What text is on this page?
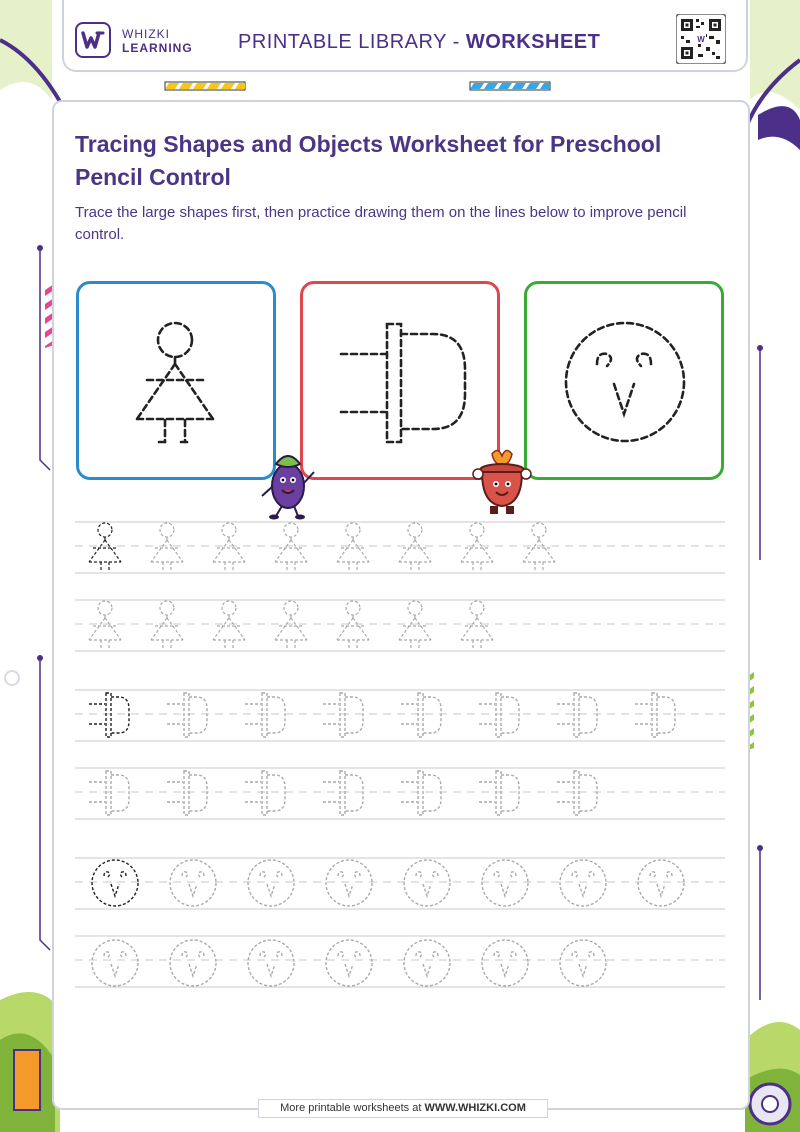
WHIZKI
LEARNING PRINTABLE LIBRARY - WORKSHEET	W
Tracing Shapes and Objects Worksheet for Preschool Pencil Control

Trace the large shapes first, then practice drawing them on the lines below to improve pencil control.

More printable worksheets at WWW.WHIZKI.COM
